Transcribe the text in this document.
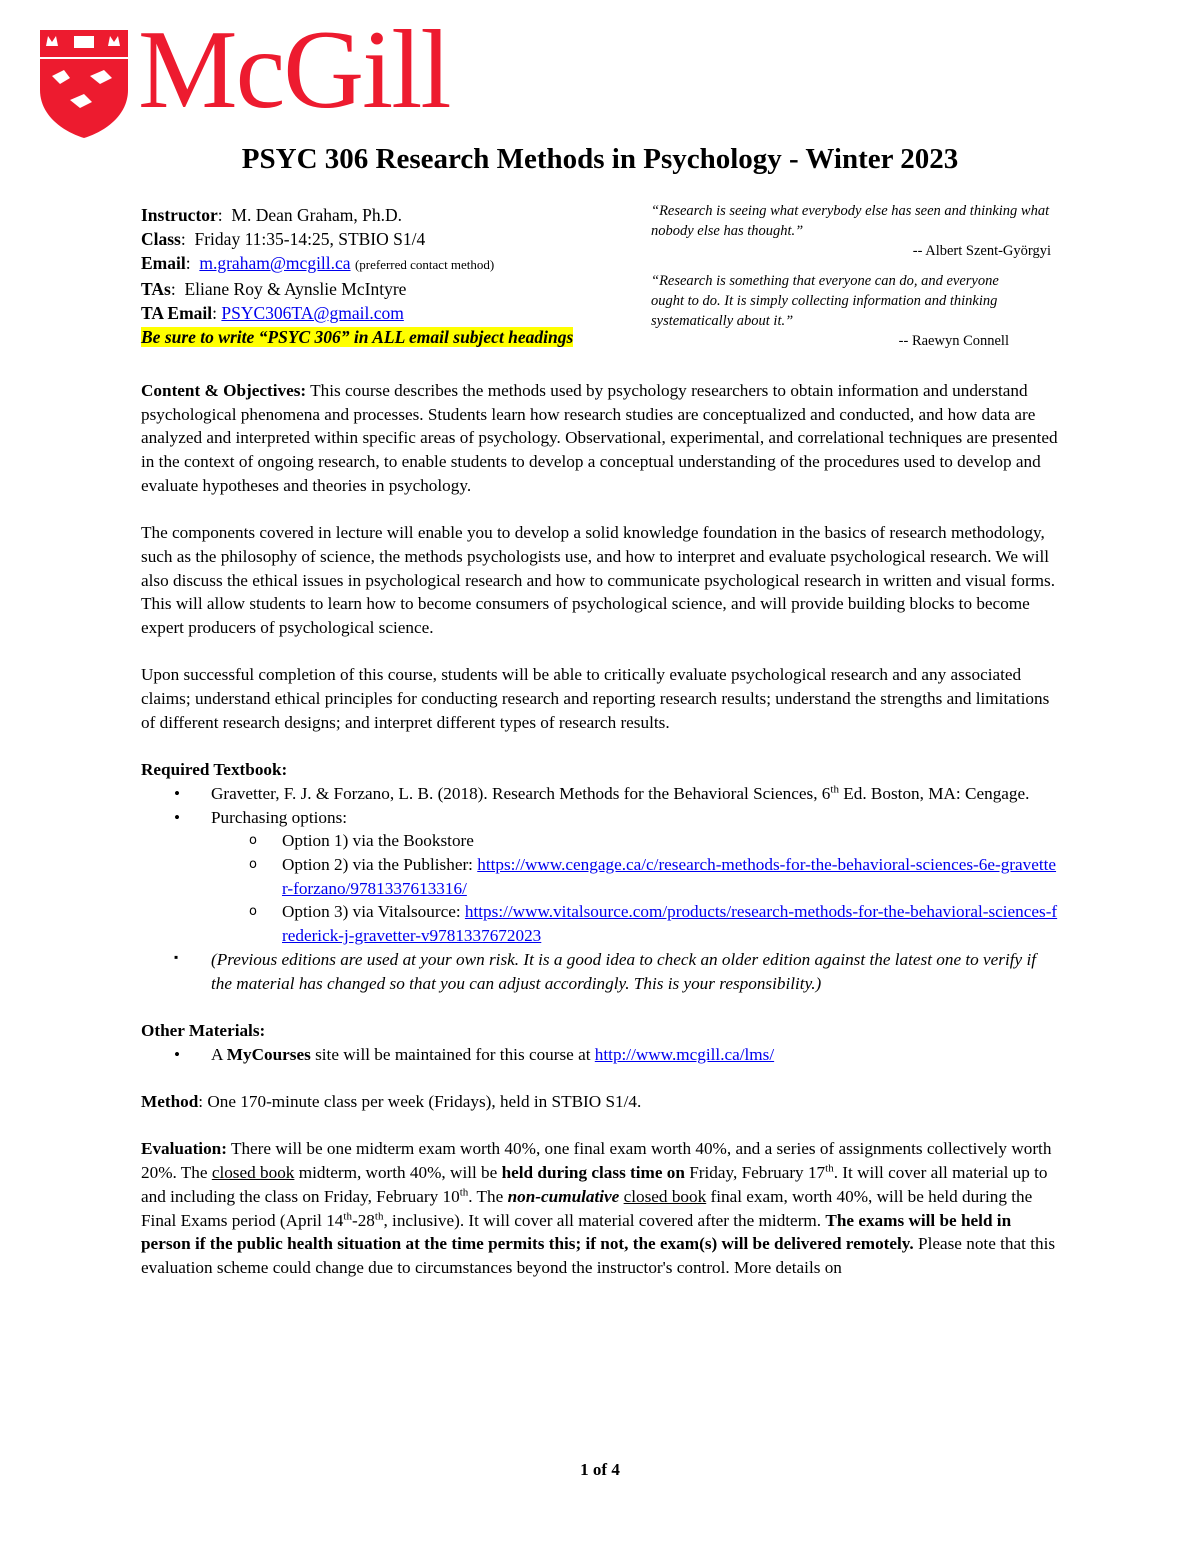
McGill
PSYC 306 Research Methods in Psychology - Winter 2023
Instructor:  M. Dean Graham, Ph.D.
Class:  Friday 11:35-14:25, STBIO S1/4
Email:  m.graham@mcgill.ca (preferred contact method)
TAs:  Eliane Roy & Aynslie McIntyre
TA Email: PSYC306TA@gmail.com
Be sure to write “PSYC 306” in ALL email subject headings
“Research is seeing what everybody else has seen and thinking what nobody else has thought.”
-- Albert Szent-Györgyi
“Research is something that everyone can do, and everyone ought to do. It is simply collecting information and thinking systematically about it.”
-- Raewyn Connell

Content & Objectives: This course describes the methods used by psychology researchers to obtain information and understand psychological phenomena and processes. Students learn how research studies are conceptualized and conducted, and how data are analyzed and interpreted within specific areas of psychology. Observational, experimental, and correlational techniques are presented in the context of ongoing research, to enable students to develop a conceptual understanding of the procedures used to develop and evaluate hypotheses and theories in psychology.

The components covered in lecture will enable you to develop a solid knowledge foundation in the basics of research methodology, such as the philosophy of science, the methods psychologists use, and how to interpret and evaluate psychological research. We will also discuss the ethical issues in psychological research and how to communicate psychological research in written and visual forms. This will allow students to learn how to become consumers of psychological science, and will provide building blocks to become expert producers of psychological science.

Upon successful completion of this course, students will be able to critically evaluate psychological research and any associated claims; understand ethical principles for conducting research and reporting research results; understand the strengths and limitations of different research designs; and interpret different types of research results.

Required Textbook:
• Gravetter, F. J. & Forzano, L. B. (2018). Research Methods for the Behavioral Sciences, 6th Ed. Boston, MA: Cengage.
• Purchasing options:
o Option 1) via the Bookstore
o Option 2) via the Publisher: https://www.cengage.ca/c/research-methods-for-the-behavioral-sciences-6e-gravetter-forzano/9781337613316/
o Option 3) via Vitalsource: https://www.vitalsource.com/products/research-methods-for-the-behavioral-sciences-frederick-j-gravetter-v9781337672023
▪ (Previous editions are used at your own risk. It is a good idea to check an older edition against the latest one to verify if the material has changed so that you can adjust accordingly. This is your responsibility.)
Other Materials:
• A MyCourses site will be maintained for this course at http://www.mcgill.ca/lms/

Method: One 170-minute class per week (Fridays), held in STBIO S1/4.

Evaluation: There will be one midterm exam worth 40%, one final exam worth 40%, and a series of assignments collectively worth 20%. The closed book midterm, worth 40%, will be held during class time on Friday, February 17th. It will cover all material up to and including the class on Friday, February 10th. The non-cumulative closed book final exam, worth 40%, will be held during the Final Exams period (April 14th-28th, inclusive). It will cover all material covered after the midterm. The exams will be held in person if the public health situation at the time permits this; if not, the exam(s) will be delivered remotely. Please note that this evaluation scheme could change due to circumstances beyond the instructor's control. More details on

1 of 4
